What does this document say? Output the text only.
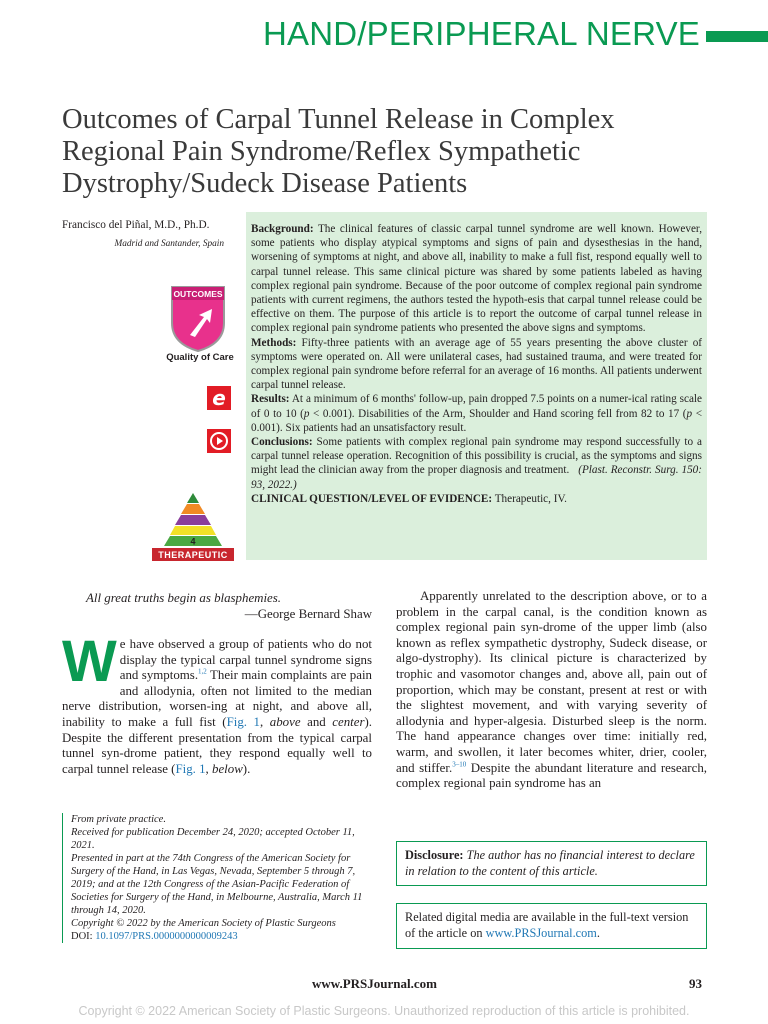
HAND/PERIPHERAL NERVE
Outcomes of Carpal Tunnel Release in Complex Regional Pain Syndrome/Reflex Sympathetic Dystrophy/Sudeck Disease Patients
Francisco del Piñal, M.D., Ph.D.
Madrid and Santander, Spain
OUTCOMES
Quality of Care
e
4
THERAPEUTIC

Background: The clinical features of classic carpal tunnel syndrome are well known. However, some patients who display atypical symptoms and signs of pain and dysesthesias in the hand, worsening of symptoms at night, and above all, inability to make a full fist, respond equally well to carpal tunnel release. This same clinical picture was shared by some patients labeled as having complex regional pain syndrome. Because of the poor outcome of complex regional pain syndrome patients with current regimens, the authors tested the hypoth-esis that carpal tunnel release could be effective on them. The purpose of this article is to report the outcome of carpal tunnel release in complex regional pain syndrome patients who presented the above signs and symptoms.

Methods: Fifty-three patients with an average age of 55 years presenting the above cluster of symptoms were operated on. All were unilateral cases, had sustained trauma, and were treated for complex regional pain syndrome before referral for an average of 16 months. All patients underwent carpal tunnel release.

Results: At a minimum of 6 months' follow-up, pain dropped 7.5 points on a numer-ical rating scale of 0 to 10 (p < 0.001). Disabilities of the Arm, Shoulder and Hand scoring fell from 82 to 17 (p < 0.001). Six patients had an unsatisfactory result.

Conclusions: Some patients with complex regional pain syndrome may respond successfully to a carpal tunnel release operation. Recognition of this possibility is crucial, as the symptoms and signs might lead the clinician away from the proper diagnosis and treatment. (Plast. Reconstr. Surg. 150: 93, 2022.)

CLINICAL QUESTION/LEVEL OF EVIDENCE: Therapeutic, IV.

All great truths begin as blasphemies.
—George Bernard Shaw
We have observed a group of patients who do not display the typical carpal tunnel syndrome signs and symptoms.$^{1,2}$ Their main complaints are pain and allodynia, often not limited to the median nerve distribution, worsen-ing at night, and above all, inability to make a full fist (Fig. 1, above and center). Despite the different presentation from the typical carpal tunnel syn-drome patient, they respond equally well to carpal tunnel release (Fig. 1, below).
Apparently unrelated to the description above, or to a problem in the carpal canal, is the condition known as complex regional pain syn-drome of the upper limb (also known as reflex sympathetic dystrophy, Sudeck disease, or algo-dystrophy). Its clinical picture is characterized by trophic and vasomotor changes and, above all, pain out of proportion, which may be constant, present at rest or with the slightest movement, and with varying severity of allodynia and hyper-algesia. Disturbed sleep is the norm. The hand appearance changes over time: initially red, warm, and swollen, it later becomes whiter, drier, cooler, and stiffer.$^{3-10}$ Despite the abundant literature and research, complex regional pain syndrome has an
From private practice.
Received for publication December 24, 2020; accepted October 11, 2021.
Presented in part at the 74th Congress of the American Society for Surgery of the Hand, in Las Vegas, Nevada, September 5 through 7, 2019; and at the 12th Congress of the Asian-Pacific Federation of Societies for Surgery of the Hand, in Melbourne, Australia, March 11 through 14, 2020.
Copyright © 2022 by the American Society of Plastic Surgeons
DOI: 10.1097/PRS.0000000000009243
Disclosure: The author has no financial interest to declare in relation to the content of this article.
Related digital media are available in the full-text version of the article on www.PRSJournal.com.
www.PRSJournal.com	93
Copyright © 2022 American Society of Plastic Surgeons. Unauthorized reproduction of this article is prohibited.
